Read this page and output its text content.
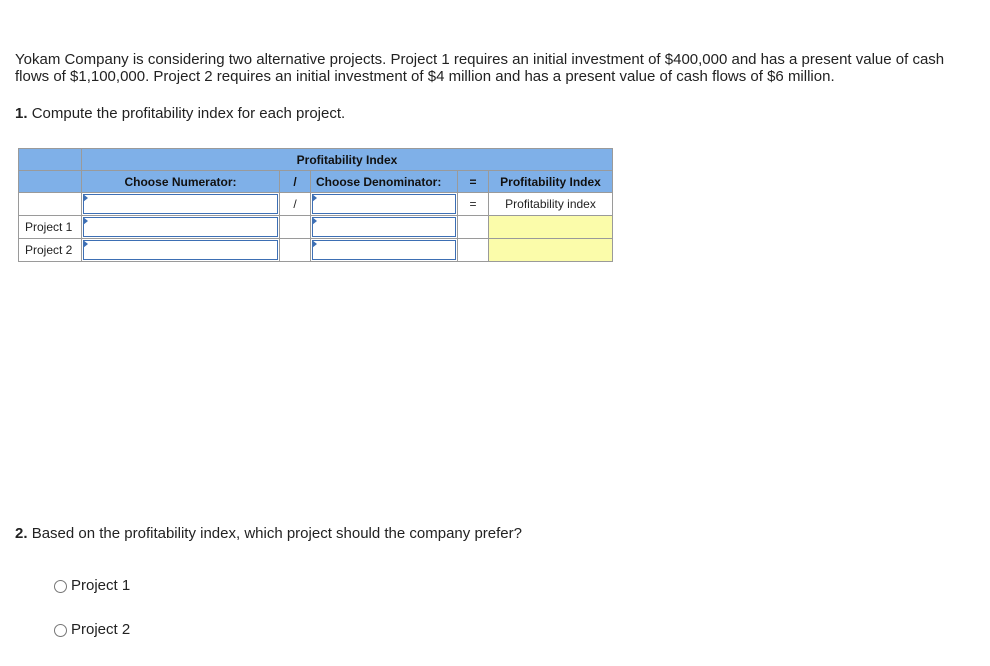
Yokam Company is considering two alternative projects. Project 1 requires an initial investment of $400,000 and has a present value of cash flows of $1,100,000. Project 2 requires an initial investment of $4 million and has a present value of cash flows of $6 million.

1. Compute the profitability index for each project.

	Profitability Index				
	Choose Numerator:	/	Choose Denominator:	=	Profitability Index

	/		=	Profitability index
Project 1	

Project 2	

2. Based on the profitability index, which project should the company prefer?

Project 1
Project 2
